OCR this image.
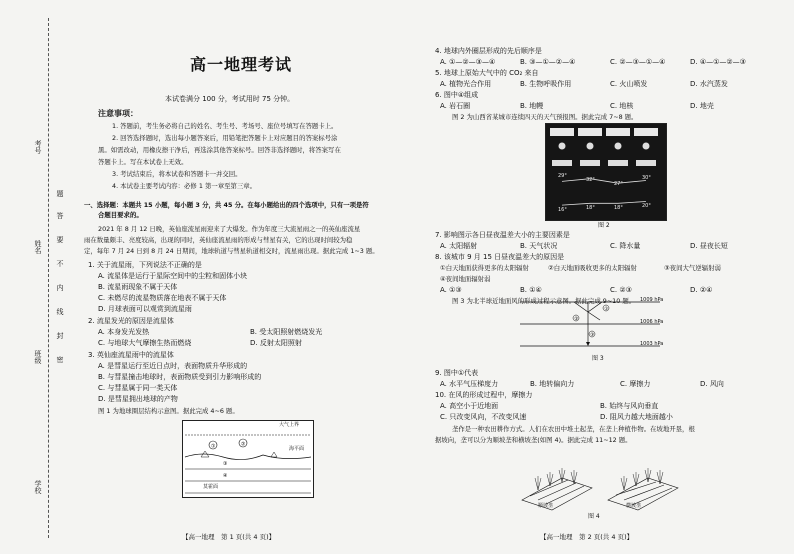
考号
姓名
班级
学校
题
答
要
不
内
线
封
密
高一地理考试
本试卷满分 100 分，考试用时 75 分钟。
注意事项：
1. 答题前，考生务必将自己的姓名、考生号、考场号、座位号填写在答题卡上。
2. 回答选择题时，选出每小题答案后，用铅笔把答题卡上对应题目的答案标号涂
黑。如需改动，用橡皮擦干净后，再选涂其他答案标号。回答非选择题时，将答案写在
答题卡上。写在本试卷上无效。
3. 考试结束后，将本试卷和答题卡一并交回。
4. 本试卷主要考试内容：必修 1 第一章至第三章。
一、选择题：本题共 15 小题，每小题 3 分，共 45 分。在每小题给出的四个选项中，只有一项是符
合题目要求的。
2021 年 8 月 12 日晚，英仙座流星雨迎来了大爆发。作为年度三大流星雨之一的英仙座流星
雨在数量颇丰、亮度较高，出现的同时，英仙座流星雨的形成与彗星有关，它的出现时间较为稳
定，每年 7 月 24 日到 8 月 24 日期间，地球轨道与彗星轨道相交时，流星雨出现。据此完成 1~3 题。
1. 关于流星雨，下列说法不正确的是
A. 流星体是运行于星际空间中的尘粒和固体小块
B. 流星雨现象不属于天体
C. 未燃尽的流星物质落在地表不属于天体
D. 月球表面可以观赏到流星雨
2. 流星发光的原因是流星体
A. 本身发光发热	B. 受太阳照射燃烧发光
C. 与地球大气摩擦生热而燃烧	D. 反射太阳照射
3. 英仙座流星雨中的流星体
A. 是彗星运行至近日点时，表面物质升华形成的
B. 与彗星撞击地球时，表面物质受到引力影响形成的
C. 与彗星属于同一类天体
D. 是彗星拥出地球的产物
图 1 为地球圈层结构示意图。据此完成 4~6 题。
①	②
③
④
大气上界
海平面
莫霍面
【高一地理　第 1 页(共 4 页)】
4. 地球内外圈层形成的先后顺序是
A. ①—②—③—④	B. ③—①—②—④	C. ②—③—①—④	D. ④—①—②—③
5. 地球上原始大气中的 CO₂ 来自
A. 植物光合作用	B. 生物呼吸作用	C. 火山喷发	D. 水汽蒸发
6. 图中④组成
A. 岩石圈	B. 地幔	C. 地核	D. 地壳
图 2 为山西省某城市连续四天的天气预报图。据此完成 7~8 题。
29°
32°
27°
30°
16°	18°	18°	20°
图 2
7. 影响图示各日昼夜温差大小的主要因素是
A. 太阳辐射	B. 天气状况	C. 降水量	D. 昼夜长短
8. 该城市 9 月 15 日昼夜温差大的原因是
①白天地面获得更多的太阳辐射	②白天地面吸收更多的太阳辐射	③夜间大气逆辐射弱
④夜间地面辐射弱
A. ①③	B. ①④	C. ②③	D. ②④
图 3 为北半球近地面风的形成过程示意图。据此完成 9~10 题。
①
②
③
1009 hPa
1006 hPa
1003 hPa
图 3
9. 图中①代表
A. 水平气压梯度力	B. 地转偏向力	C. 摩擦力	D. 风向
10. 在风的形成过程中，摩擦力
A. 高空小于近地面	B. 始终与风向垂直
C. 只改变风向，不改变风速	D. 阻风力越大地面越小
垄作是一种农田耕作方式。人们在农田中堆土起垄，在垄上种植作物。在坡地开垦，根
据坡向，垄可以分为顺坡垄和横坡垄(如图 4)。据此完成 11~12 题。
顺坡垄	横坡垄
图 4
【高一地理　第 2 页(共 4 页)】
